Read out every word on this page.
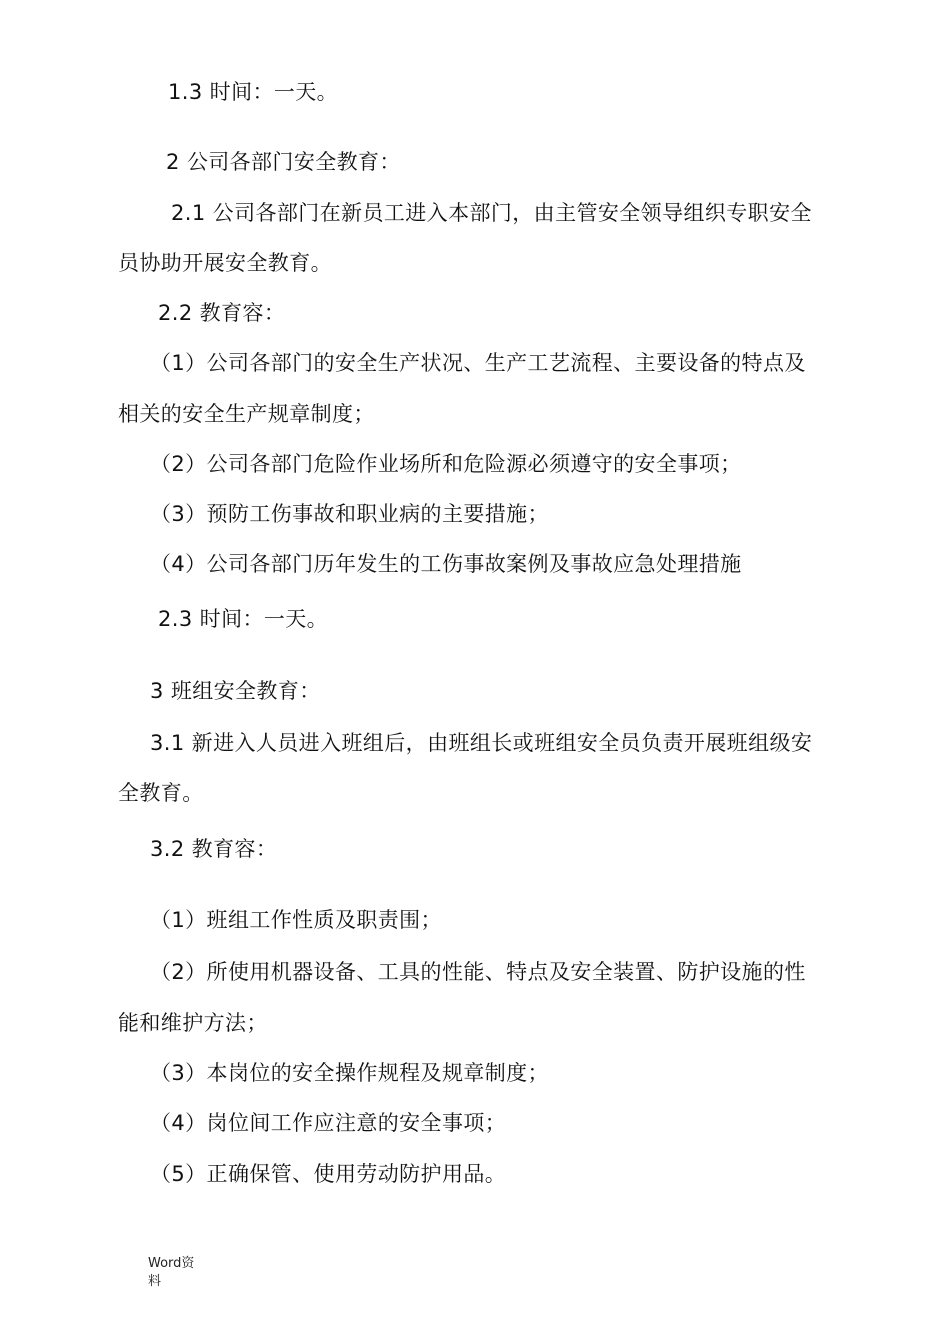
1.3 时间：一天。
2 公司各部门安全教育：
2.1 公司各部门在新员工进入本部门，由主管安全领导组织专职安全
员协助开展安全教育。
2.2 教育容：
（1）公司各部门的安全生产状况、生产工艺流程、主要设备的特点及
相关的安全生产规章制度；
（2）公司各部门危险作业场所和危险源必须遵守的安全事项；
（3）预防工伤事故和职业病的主要措施；
（4）公司各部门历年发生的工伤事故案例及事故应急处理措施
2.3 时间：一天。
3 班组安全教育：
3.1 新进入人员进入班组后，由班组长或班组安全员负责开展班组级安
全教育。
3.2 教育容：
（1）班组工作性质及职责围；
（2）所使用机器设备、工具的性能、特点及安全装置、防护设施的性
能和维护方法；
（3）本岗位的安全操作规程及规章制度；
（4）岗位间工作应注意的安全事项；
（5）正确保管、使用劳动防护用品。
Word资
料
